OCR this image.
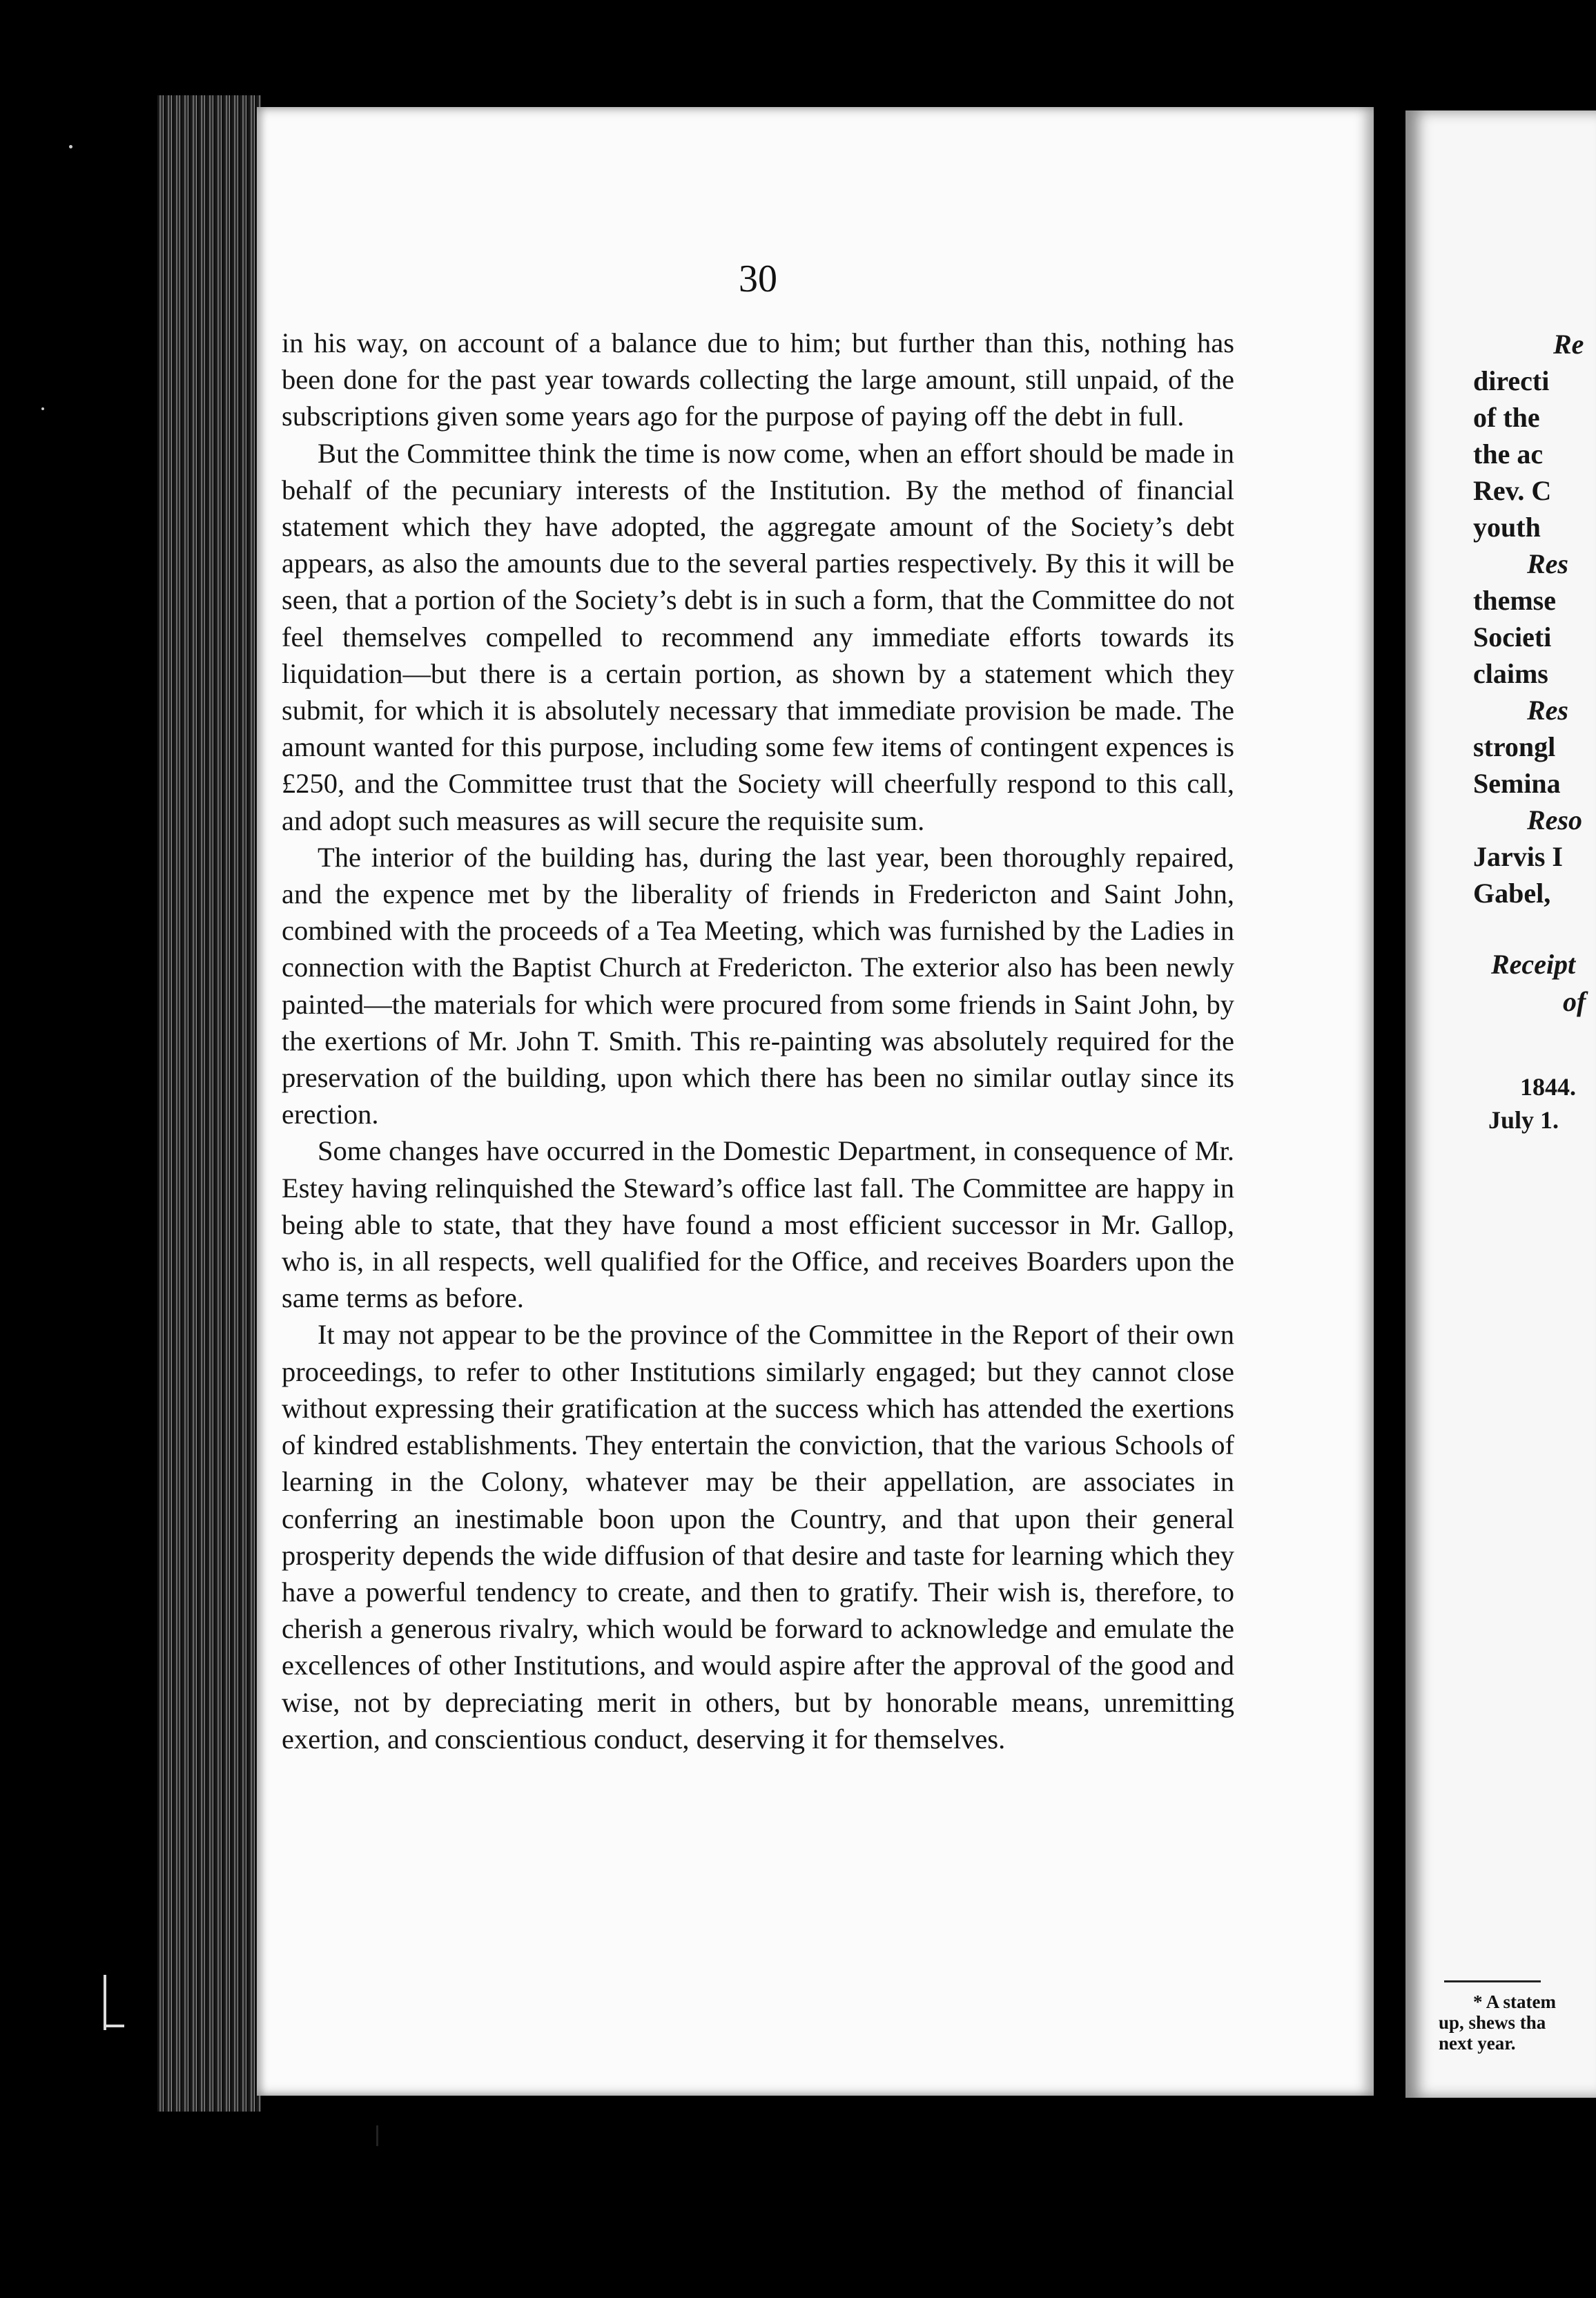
30

in his way, on account of a balance due to him; but further than this, nothing has been done for the past year towards collecting the large amount, still unpaid, of the subscriptions given some years ago for the purpose of paying off the debt in full.

But the Committee think the time is now come, when an effort should be made in behalf of the pecuniary interests of the Institution. By the method of financial statement which they have adopted, the aggregate amount of the Society’s debt appears, as also the amounts due to the several parties respectively. By this it will be seen, that a portion of the Society’s debt is in such a form, that the Committee do not feel themselves compelled to recommend any immediate efforts towards its liquidation—but there is a certain portion, as shown by a statement which they submit, for which it is absolutely necessary that immediate provision be made. The amount wanted for this purpose, including some few items of contingent expences is £250, and the Committee trust that the Society will cheerfully respond to this call, and adopt such measures as will secure the requisite sum.

The interior of the building has, during the last year, been thoroughly repaired, and the expence met by the liberality of friends in Fredericton and Saint John, combined with the proceeds of a Tea Meeting, which was furnished by the Ladies in connection with the Baptist Church at Fredericton. The exterior also has been newly painted—the materials for which were procured from some friends in Saint John, by the exertions of Mr. John T. Smith. This re-painting was absolutely required for the preservation of the building, upon which there has been no similar outlay since its erection.

Some changes have occurred in the Domestic Department, in consequence of Mr. Estey having relinquished the Steward’s office last fall. The Committee are happy in being able to state, that they have found a most efficient successor in Mr. Gallop, who is, in all respects, well qualified for the Office, and receives Boarders upon the same terms as before.

It may not appear to be the province of the Committee in the Report of their own proceedings, to refer to other Institutions similarly engaged; but they cannot close without expressing their gratification at the success which has attended the exertions of kindred establishments. They entertain the conviction, that the various Schools of learning in the Colony, whatever may be their appellation, are associates in conferring an inestimable boon upon the Country, and that upon their general prosperity depends the wide diffusion of that desire and taste for learning which they have a powerful tendency to create, and then to gratify. Their wish is, therefore, to cherish a generous rivalry, which would be forward to acknowledge and emulate the excellences of other Institutions, and would aspire after the approval of the good and wise, not by depreciating merit in others, but by honorable means, unremitting exertion, and conscientious conduct, deserving it for themselves.

Re
directi
of the
the ac
Rev. C
youth
Res
themse
Societi
claims
Res
strongl
Semina
Reso
Jarvis I
Gabel,
Receipt
of
1844.
July 1.
* A statem
up, shews tha
next year.
